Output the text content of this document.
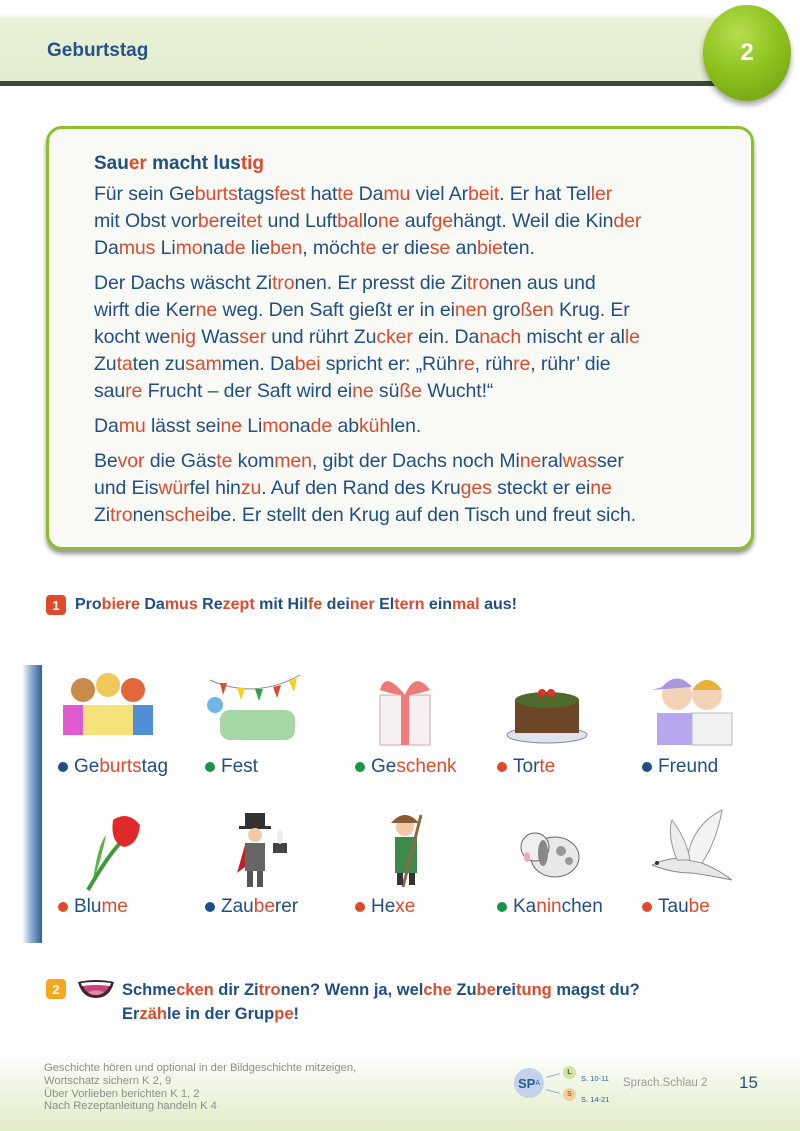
Geburtstag	2
Sauer macht lustig
Für sein Geburtstagsfest hatte Damu viel Arbeit. Er hat Teller
mit Obst vorbereitet und Luftballone aufgehängt. Weil die Kinder
Damus Limonade lieben, möchte er diese anbieten.
Der Dachs wäscht Zitronen. Er presst die Zitronen aus und
wirft die Kerne weg. Den Saft gießt er in einen großen Krug. Er
kocht wenig Wasser und rührt Zucker ein. Danach mischt er alle
Zutaten zusammen. Dabei spricht er: „Rühre, rühre, rühr’ die
saure Frucht – der Saft wird eine süße Wucht!“
Damu lässt seine Limonade abkühlen.
Bevor die Gäste kommen, gibt der Dachs noch Mineralwasser
und Eiswürfel hinzu. Auf den Rand des Kruges steckt er eine
Zitronenscheibe. Er stellt den Krug auf den Tisch und freut sich.
1 Probiere Damus Rezept mit Hilfe deiner Eltern einmal aus!
Ge burts tag	Fest	Ge schenk	Tor te	Freund
Blu me	Zau be rer	He xe	Ka nin chen	Tau be
2	Schmecken dir Zitronen? Wenn ja, welche Zubereitung magst du?
Erzähle in der Gruppe!
Geschichte hören und optional in der Bildgeschichte mitzeigen,
Wortschatz sichern K 2, 9
Über Vorlieben berichten K 1, 2
Nach Rezeptanleitung handeln K 4
SP A
L
S
S. 10-11
S. 14-21
Sprach.Schlau 2 15
